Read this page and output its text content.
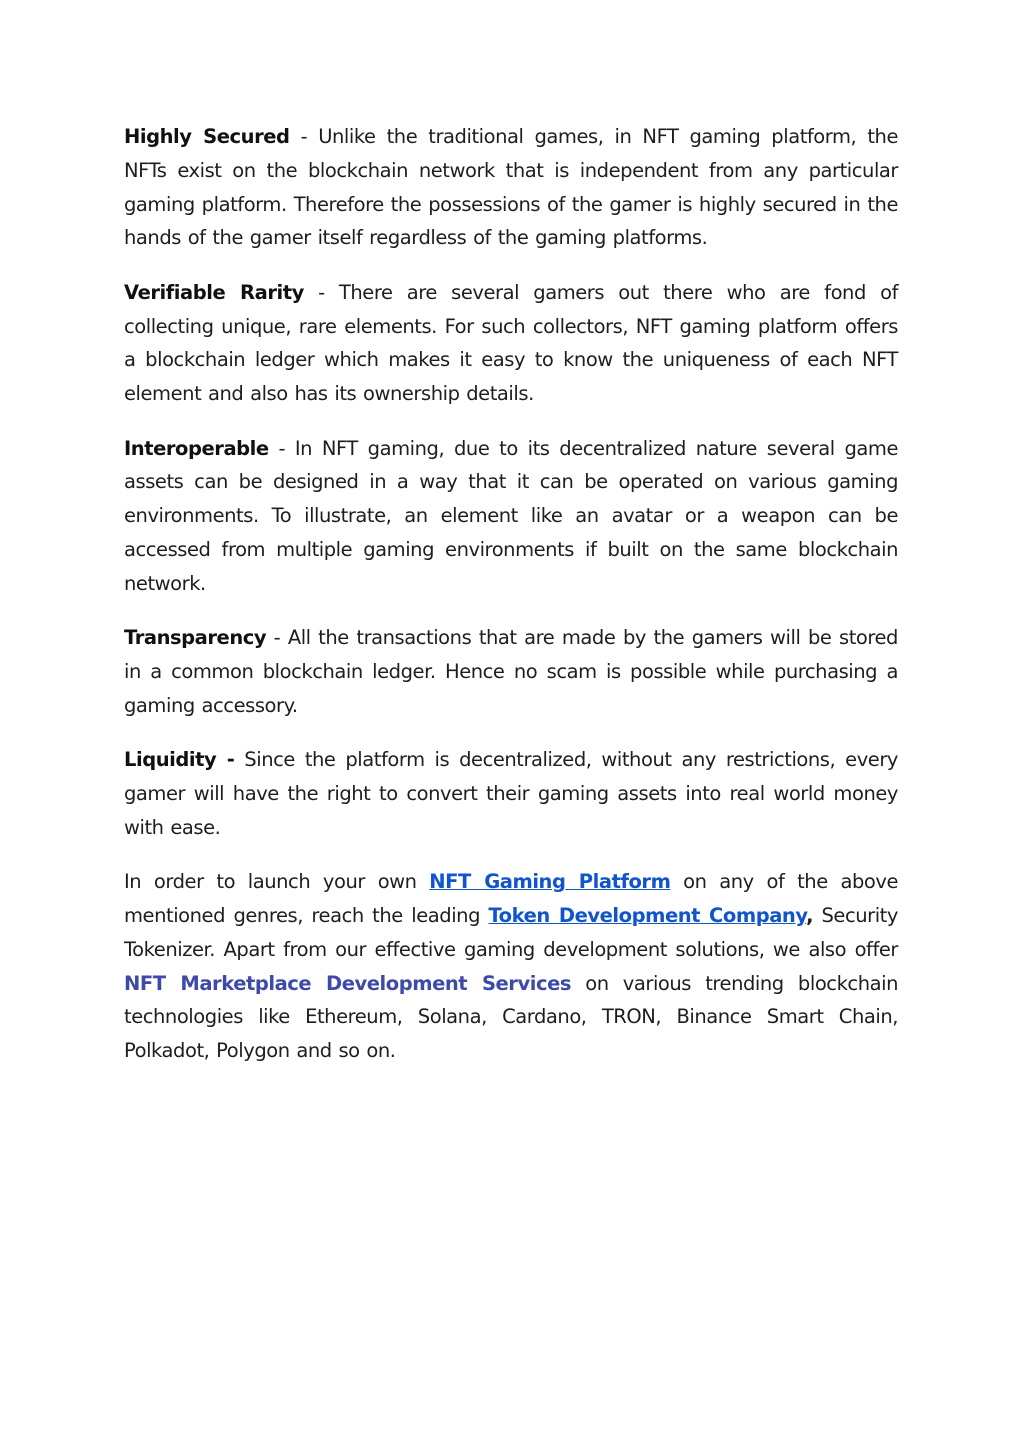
Highly Secured - Unlike the traditional games, in NFT gaming platform, the NFTs exist on the blockchain network that is independent from any particular gaming platform. Therefore the possessions of the gamer is highly secured in the hands of the gamer itself regardless of the gaming platforms.

Verifiable Rarity - There are several gamers out there who are fond of collecting unique, rare elements. For such collectors, NFT gaming platform offers a blockchain ledger which makes it easy to know the uniqueness of each NFT element and also has its ownership details.

Interoperable - In NFT gaming, due to its decentralized nature several game assets can be designed in a way that it can be operated on various gaming environments. To illustrate, an element like an avatar or a weapon can be accessed from multiple gaming environments if built on the same blockchain network.

Transparency - All the transactions that are made by the gamers will be stored in a common blockchain ledger. Hence no scam is possible while purchasing a gaming accessory.

Liquidity - Since the platform is decentralized, without any restrictions, every gamer will have the right to convert their gaming assets into real world money with ease.

In order to launch your own NFT Gaming Platform on any of the above mentioned genres, reach the leading Token Development Company, Security Tokenizer. Apart from our effective gaming development solutions, we also offer NFT Marketplace Development Services on various trending blockchain technologies like Ethereum, Solana, Cardano, TRON, Binance Smart Chain, Polkadot, Polygon and so on.
